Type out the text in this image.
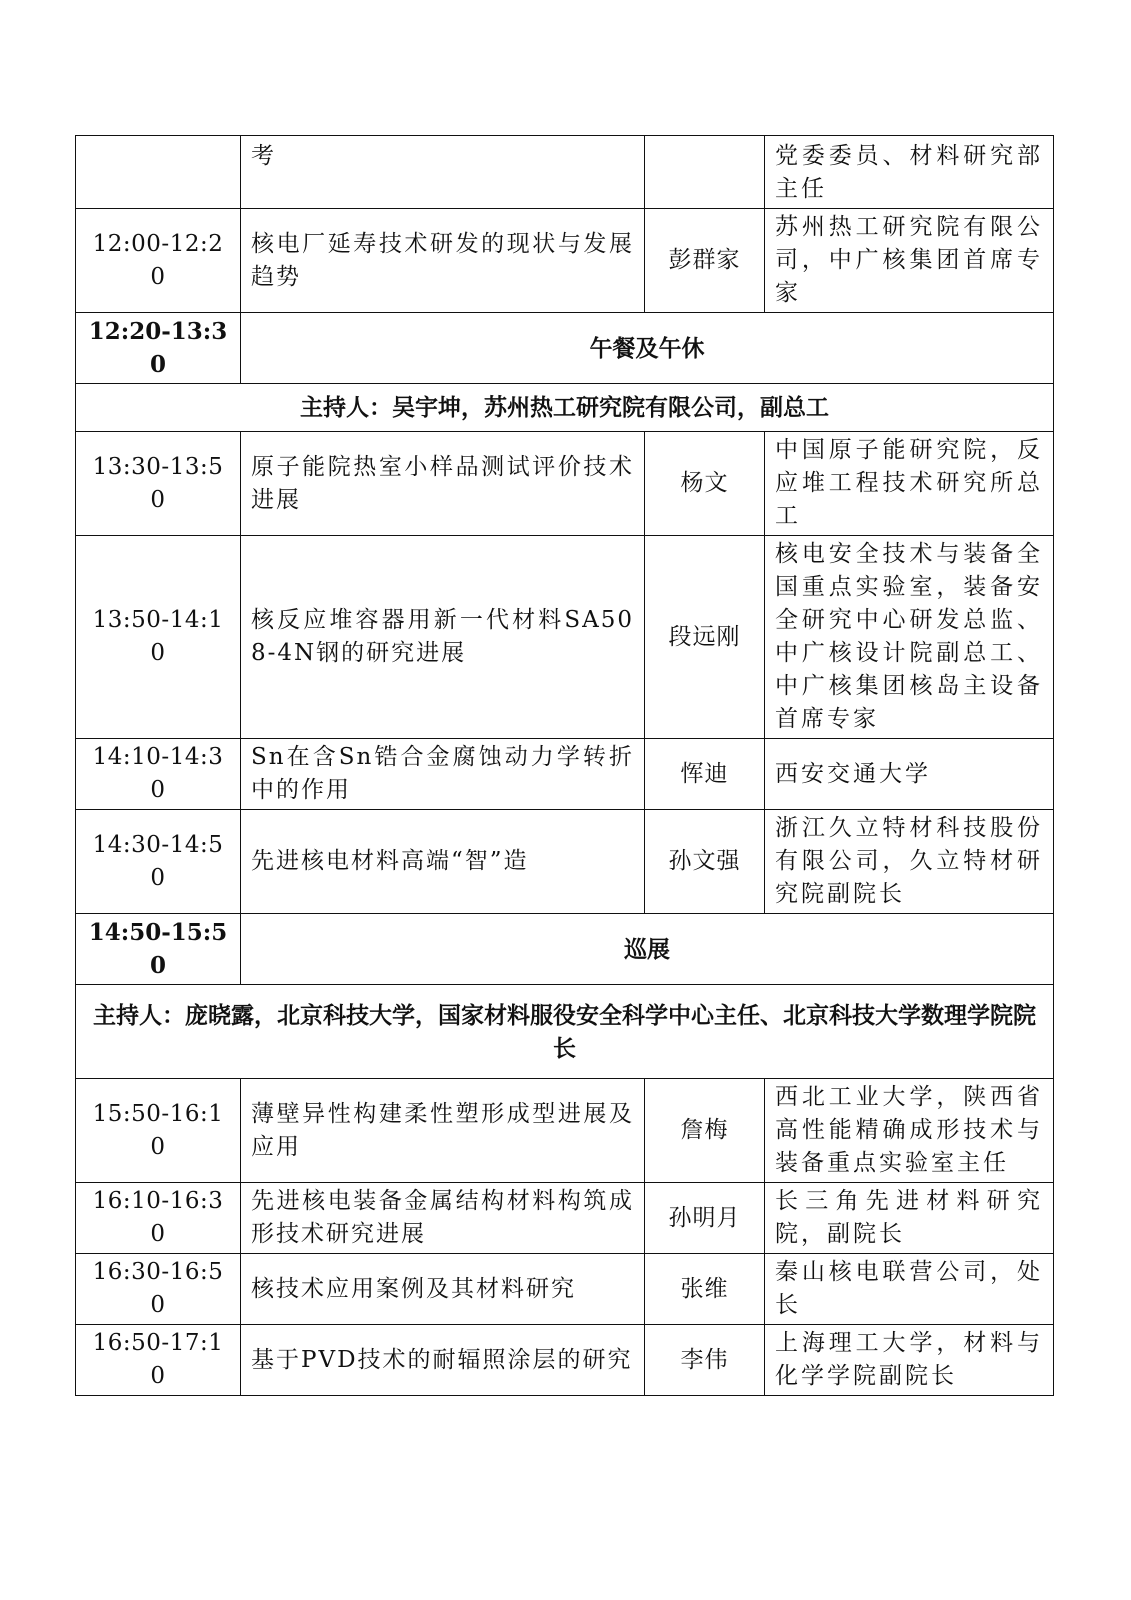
	考		党委委员、材料研究部主任
12:00-12:20	核电厂延寿技术研发的现状与发展趋势	彭群家	苏州热工研究院有限公司，中广核集团首席专家
12:20-13:30	午餐及午休		
主持人：吴宇坤，苏州热工研究院有限公司，副总工			
13:30-13:50	原子能院热室小样品测试评价技术进展	杨文	中国原子能研究院，反应堆工程技术研究所总工
13:50-14:10	核反应堆容器用新一代材料SA508-4N钢的研究进展	段远刚	核电安全技术与装备全国重点实验室，装备安全研究中心研发总监、中广核设计院副总工、中广核集团核岛主设备首席专家
14:10-14:30	Sn在含Sn锆合金腐蚀动力学转折中的作用	恽迪	西安交通大学
14:30-14:50	先进核电材料高端“智”造	孙文强	浙江久立特材科技股份有限公司，久立特材研究院副院长
14:50-15:50	巡展		
主持人：庞晓露，北京科技大学，国家材料服役安全科学中心主任、北京科技大学数理学院院长			
15:50-16:10	薄壁异性构建柔性塑形成型进展及应用	詹梅	西北工业大学，陕西省高性能精确成形技术与装备重点实验室主任
16:10-16:30	先进核电装备金属结构材料构筑成形技术研究进展	孙明月	长三角先进材料研究院，副院长
16:30-16:50	核技术应用案例及其材料研究	张维	秦山核电联营公司，处长
16:50-17:10	基于PVD技术的耐辐照涂层的研究	李伟	上海理工大学，材料与化学学院副院长
